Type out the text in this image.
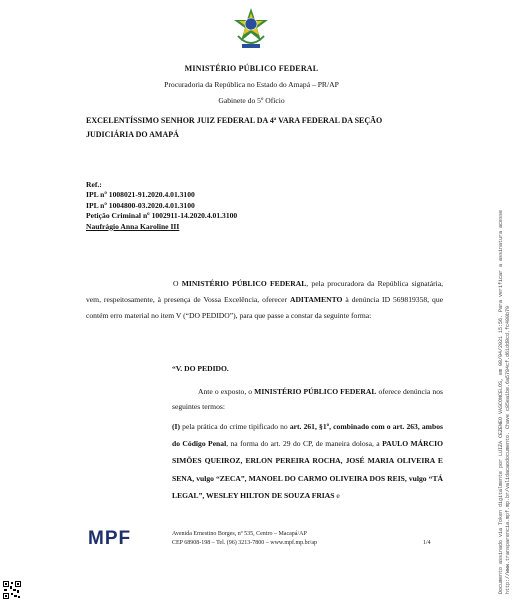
MINISTÉRIO PÚBLICO FEDERAL
Procuradoria da República no Estado do Amapá – PR/AP
Gabinete do 5º Ofício
EXCELENTÍSSIMO SENHOR JUIZ FEDERAL DA 4ª VARA FEDERAL DA SEÇÃO
JUDICIÁRIA DO AMAPÁ
Ref.:
IPL nº 1008021-91.2020.4.01.3100
IPL nº 1004800-03.2020.4.01.3100
Petição Criminal nº 1002911-14.2020.4.01.3100
Naufrágio Anna Karoline III
O MINISTÉRIO PÚBLICO FEDERAL, pela procuradora da República signatária, vem, respeitosamente, à presença de Vossa Excelência, oferecer ADITAMENTO à denúncia ID 569819358, que contém erro material no item V (“DO PEDIDO”), para que passe a constar da seguinte forma:
“V. DO PEDIDO.
Ante o exposto, o MINISTÉRIO PÚBLICO FEDERAL oferece denúncia nos seguintes termos:
(I) pela prática do crime tipificado no art. 261, §1º, combinado com o art. 263, ambos do Código Penal, na forma do art. 29 do CP, de maneira dolosa, a PAULO MÁRCIO SIMÕES QUEIROZ, ERLON PEREIRA ROCHA, JOSÉ MARIA OLIVEIRA E SENA, vulgo “ZECA”, MANOEL DO CARMO OLIVEIRA DOS REIS, vulgo “TÁ LEGAL”, WESLEY HILTON DE SOUZA FRIAS e
MPF	Avenida Ernestino Borges, nº 535, Centro – Macapá/AP
CEP 68908-198 – Tel. (96) 3213-7800 – www.mpf.mp.br/ap	1/4	Documento assinado via Token digitalmente por LUIZA CEZENEO VASCONCELOS, em 08/04/2021 15:56. Para verificar a assinatura acesse http://www.transparencia.mpf.mp.br/validacaodocumento. Chave c85ea1be.6a5784cf.d61dd8cd.fc480b79
